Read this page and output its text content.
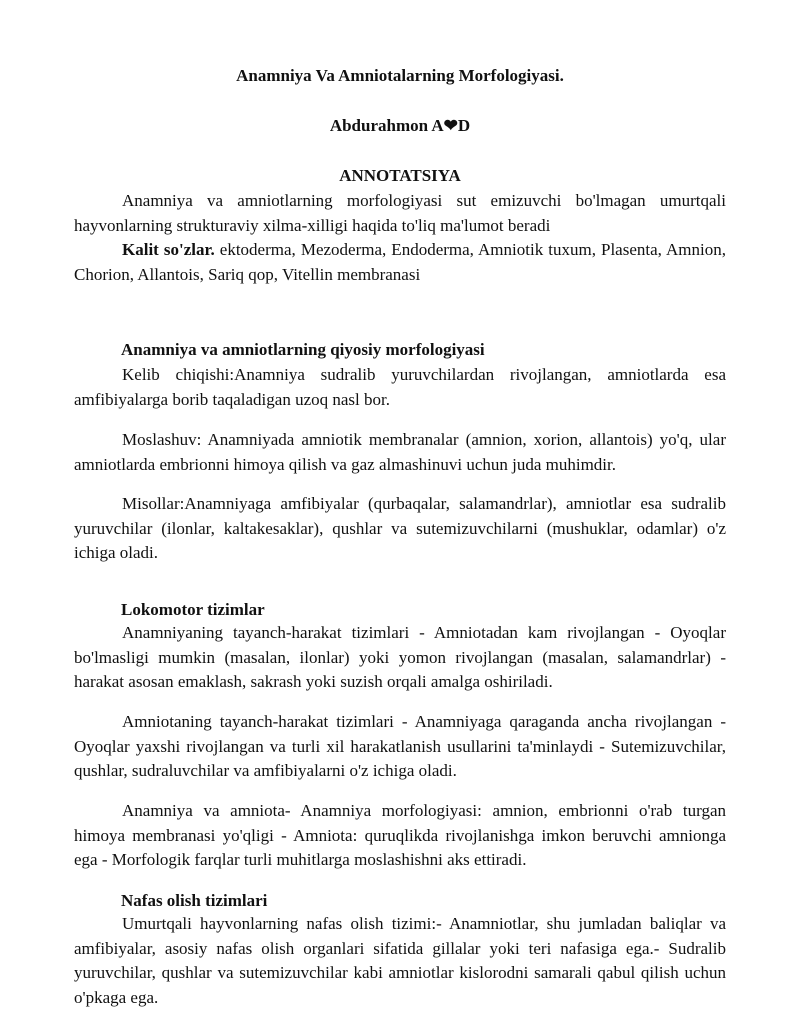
Anamniya Va Amniotalarning Morfologiyasi.
Abdurahmon A❤D
ANNOTATSIYA

Anamniya va amniotlarning morfologiyasi sut emizuvchi bo'lmagan umurtqali hayvonlarning strukturaviy xilma-xilligi haqida to'liq ma'lumot beradi

Kalit so'zlar. ektoderma, Mezoderma, Endoderma, Amniotik tuxum, Plasenta, Amnion, Chorion, Allantois, Sariq qop, Vitellin membranasi

Anamniya va amniotlarning qiyosiy morfologiyasi

Kelib chiqishi:Anamniya sudralib yuruvchilardan rivojlangan, amniotlarda esa amfibiyalarga borib taqaladigan uzoq nasl bor.

Moslashuv: Anamniyada amniotik membranalar (amnion, xorion, allantois) yo'q, ular amniotlarda embrionni himoya qilish va gaz almashinuvi uchun juda muhimdir.

Misollar:Anamniyaga amfibiyalar (qurbaqalar, salamandrlar), amniotlar esa sudralib yuruvchilar (ilonlar, kaltakesaklar), qushlar va sutemizuvchilarni (mushuklar, odamlar) o'z ichiga oladi.

Lokomotor tizimlar

Anamniyaning tayanch-harakat tizimlari - Amniotadan kam rivojlangan - Oyoqlar bo'lmasligi mumkin (masalan, ilonlar) yoki yomon rivojlangan (masalan, salamandrlar) - harakat asosan emaklash, sakrash yoki suzish orqali amalga oshiriladi.

Amniotaning tayanch-harakat tizimlari - Anamniyaga qaraganda ancha rivojlangan - Oyoqlar yaxshi rivojlangan va turli xil harakatlanish usullarini ta'minlaydi - Sutemizuvchilar, qushlar, sudraluvchilar va amfibiyalarni o'z ichiga oladi.

Anamniya va amniota- Anamniya morfologiyasi: amnion, embrionni o'rab turgan himoya membranasi yo'qligi - Amniota: quruqlikda rivojlanishga imkon beruvchi amnionga ega - Morfologik farqlar turli muhitlarga moslashishni aks ettiradi.

Nafas olish tizimlari

Umurtqali hayvonlarning nafas olish tizimi:- Anamniotlar, shu jumladan baliqlar va amfibiyalar, asosiy nafas olish organlari sifatida gillalar yoki teri nafasiga ega.- Sudralib yuruvchilar, qushlar va sutemizuvchilar kabi amniotlar kislorodni samarali qabul qilish uchun o'pkaga ega.
